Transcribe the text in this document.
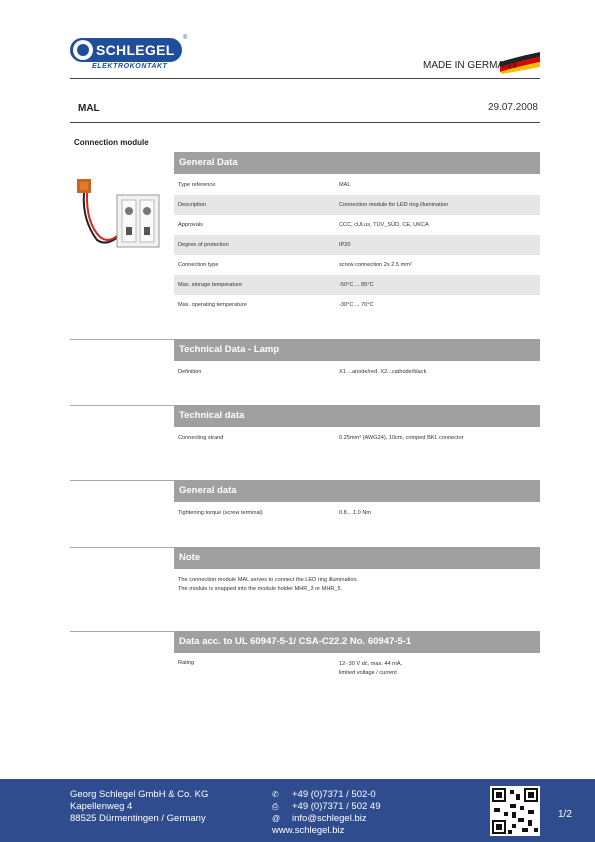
SCHLEGEL
®
ELEKTROKONTAKT	MADE IN GERMANY
MAL	29.07.2008
Connection module
General Data
Type reference	MAL
Description	Connection module for LED ring illumination
Approvals	CCC, cULus, TÜV_SÜD, CE, UKCA
Degree of protection	IP20
Connection type	screw connection 2x 2.5 mm²
Max. storage temperature	-50°C ... 85°C
Max. operating temperature	-30°C ... 70°C
Technical Data - Lamp
Definition	X1 ...anode/red, X2...cathode/black
Technical data
Connecting strand	0.25mm² (AWG24), 10cm, crimped BKL connector
General data
Tightening torque (screw terminal)	0.8....1.0 Nm
Note
The connection module MAL serves to connect the LED ring illumination.
The module is snapped into the module holder MHR_3 or MHR_5.
Data acc. to UL 60947-5-1/ CSA-C22.2 No. 60947-5-1
Rating	12- 30 V dc, max. 44 mA,
limited voltage / current
Georg Schlegel GmbH & Co. KG
Kapellenweg 4
88525 Dürmentingen / Germany
✆ +49 (0)7371 / 502-0
⎙ +49 (0)7371 / 502 49
@ info@schlegel.biz
www.schlegel.biz
1/2
